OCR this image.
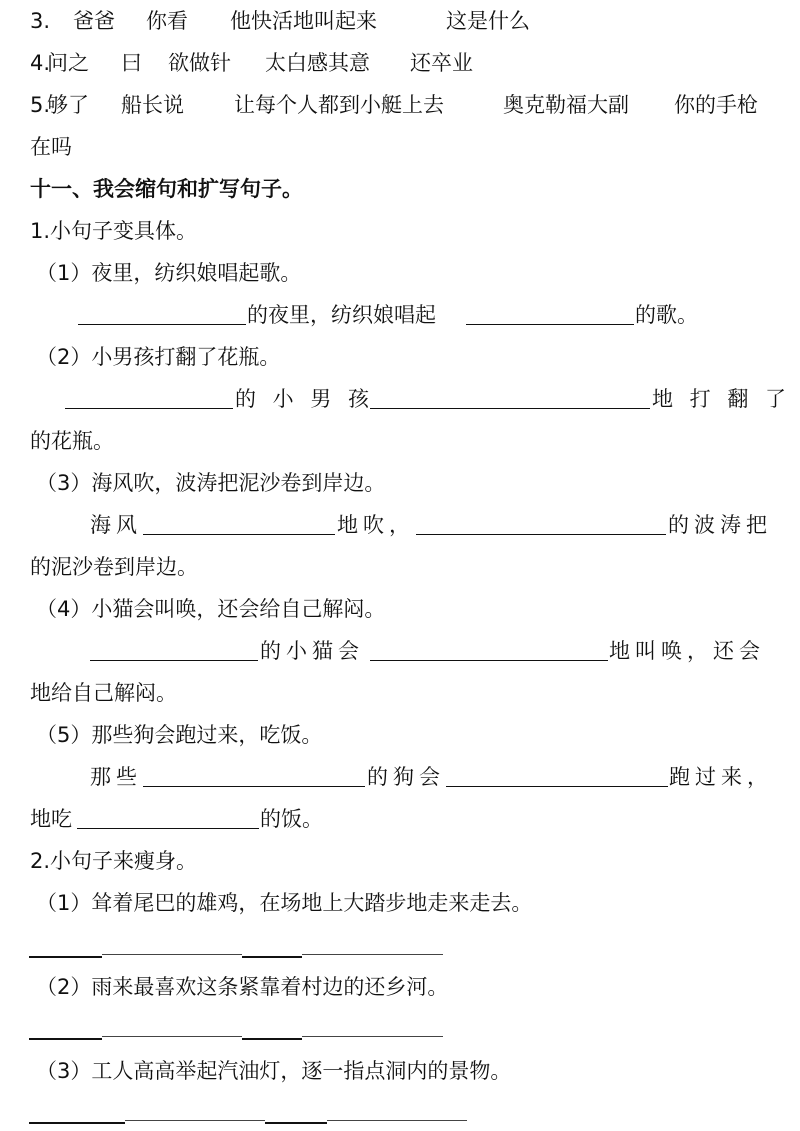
3. 爸爸 你看 他快活地叫起来	这是什么
4.
问之 曰 欲做针 太白感其意 还卒业
5.
够了 船长说 让每个人都到小艇上去	奥克勒福大副 你的手枪
在吗
十一、我会缩句和扩写句子。
1.小句子变具体。
（1）夜里，纺织娘唱起歌。
的夜里，纺织娘唱起	的歌。
（2）小男孩打翻了花瓶。
的 小 男 孩	地 打 翻 了
的花瓶。
（3）海风吹，波涛把泥沙卷到岸边。
海风	地吹，	的波涛把
的泥沙卷到岸边。
（4）小猫会叫唤，还会给自己解闷。
的小猫会	地叫唤，还会
地给自己解闷。
（5）那些狗会跑过来，吃饭。
那些	的狗会	跑过来，
地吃	的饭。
2.小句子来瘦身。
（1）耸着尾巴的雄鸡，在场地上大踏步地走来走去。
（2）雨来最喜欢这条紧靠着村边的还乡河。
（3）工人高高举起汽油灯，逐一指点洞内的景物。
